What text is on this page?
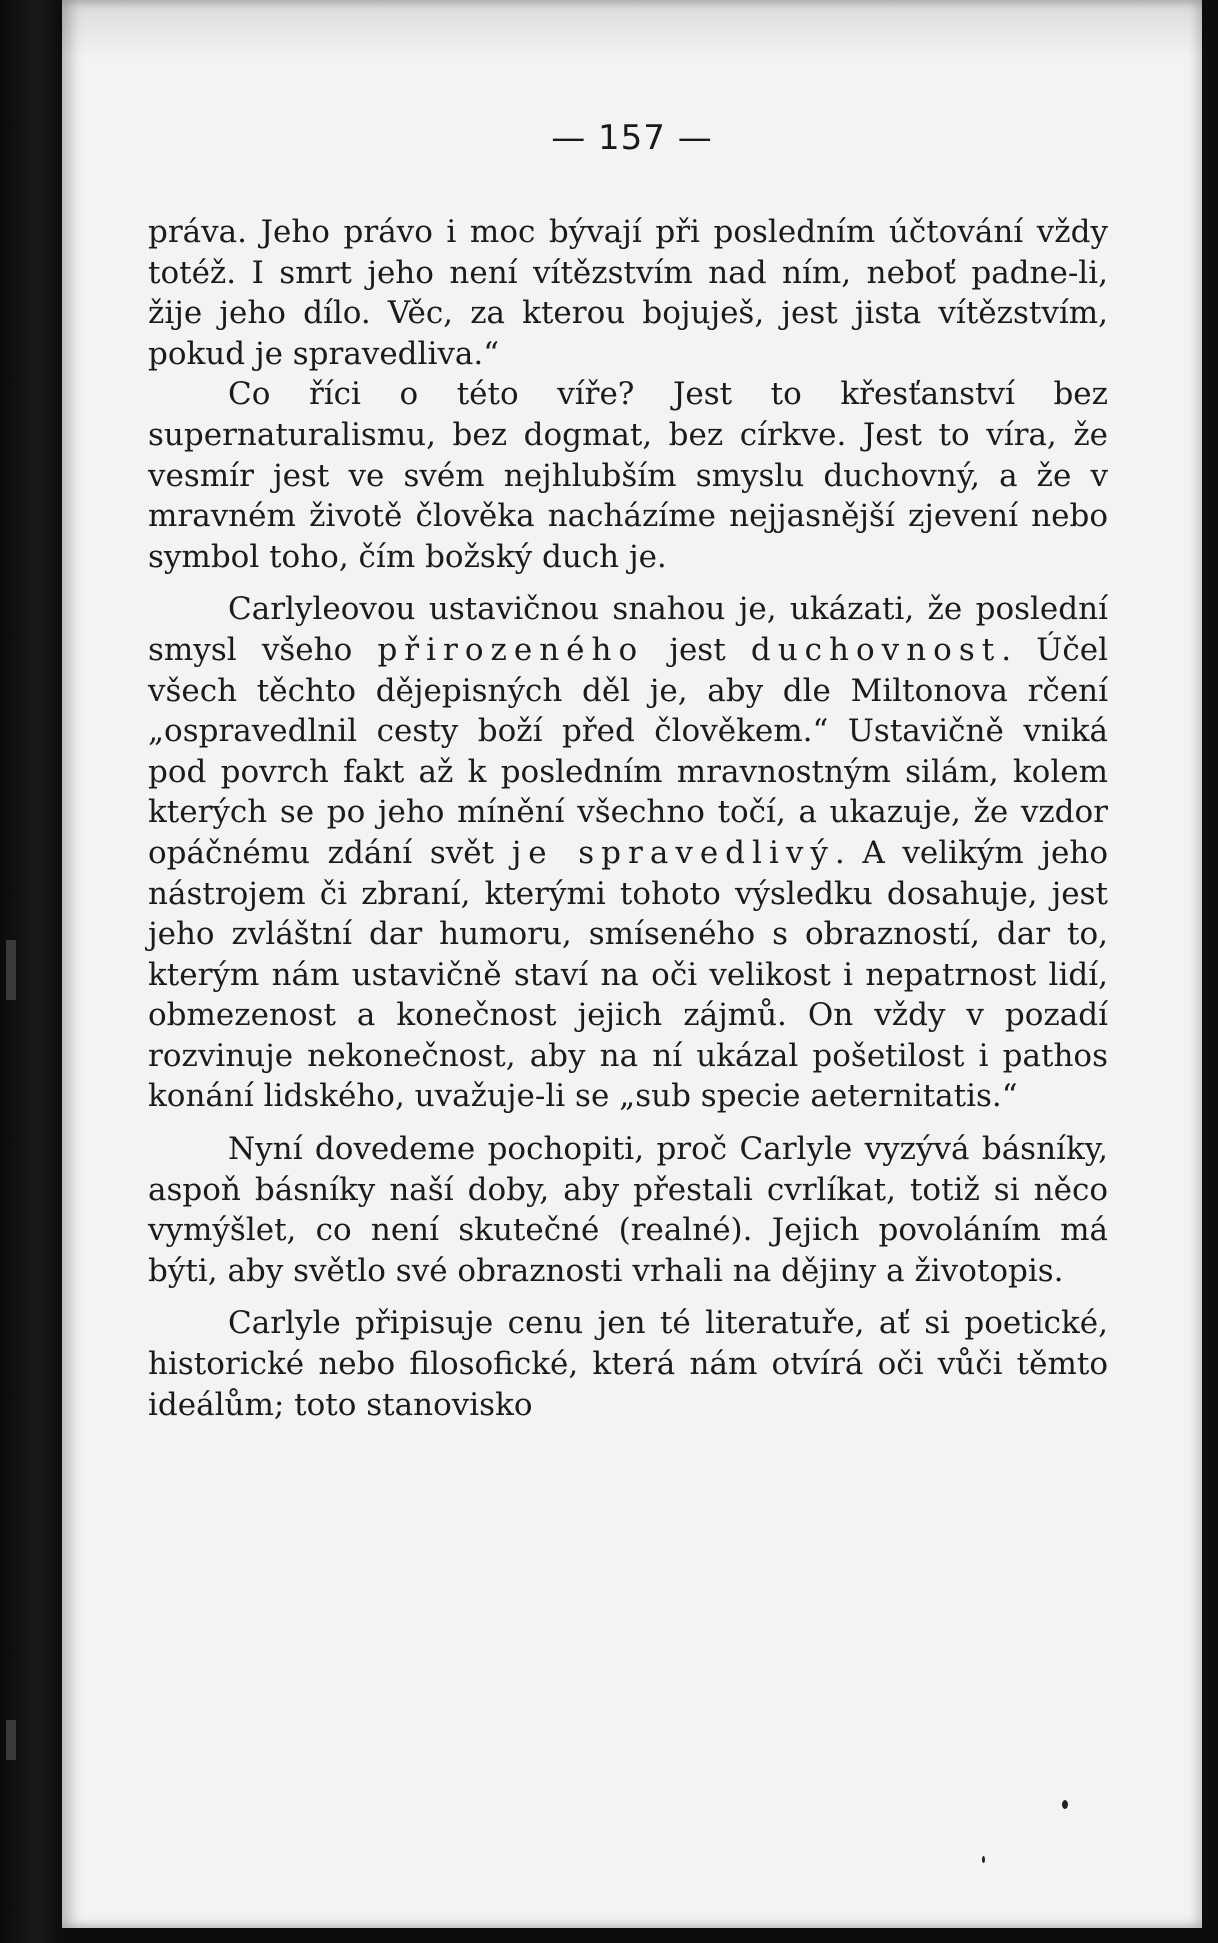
— 157 —

práva. Jeho právo i moc bývají při posledním účtování vždy totéž. I smrt jeho není vítězstvím nad ním, neboť padne-li, žije jeho dílo. Věc, za kterou bojuješ, jest jista vítězstvím, pokud je spravedliva.“

Co říci o této víře? Jest to křesťanství bez supernaturalismu, bez dogmat, bez církve. Jest to víra, že vesmír jest ve svém nejhlubším smyslu duchovný, a že v mravném životě člověka nacházíme nejjasnější zjevení nebo symbol toho, čím božský duch je.

Carlyleovou ustavičnou snahou je, ukázati, že poslední smysl všeho přirozeného jest duchovnost. Účel všech těchto dějepisných děl je, aby dle Miltonova rčení „ospravedlnil cesty boží před člověkem.“ Ustavičně vniká pod povrch fakt až k posledním mravnostným silám, kolem kterých se po jeho mínění všechno točí, a ukazuje, že vzdor opáčnému zdání svět je spravedlivý. A velikým jeho nástrojem či zbraní, kterými tohoto výsledku dosahuje, jest jeho zvláštní dar humoru, smíseného s obrazností, dar to, kterým nám ustavičně staví na oči velikost i nepatrnost lidí, obmezenost a konečnost jejich zájmů. On vždy v pozadí rozvinuje nekonečnost, aby na ní ukázal pošetilost i pathos konání lidského, uvažuje-li se „sub specie aeternitatis.“

Nyní dovedeme pochopiti, proč Carlyle vyzývá básníky, aspoň básníky naší doby, aby přestali cvrlíkat, totiž si něco vymýšlet, co není skutečné (realné). Jejich povoláním má býti, aby světlo své obraznosti vrhali na dějiny a životopis.

Carlyle připisuje cenu jen té literatuře, ať si poetické, historické nebo filosofické, která nám otvírá oči vůči těmto ideálům; toto stanovisko
